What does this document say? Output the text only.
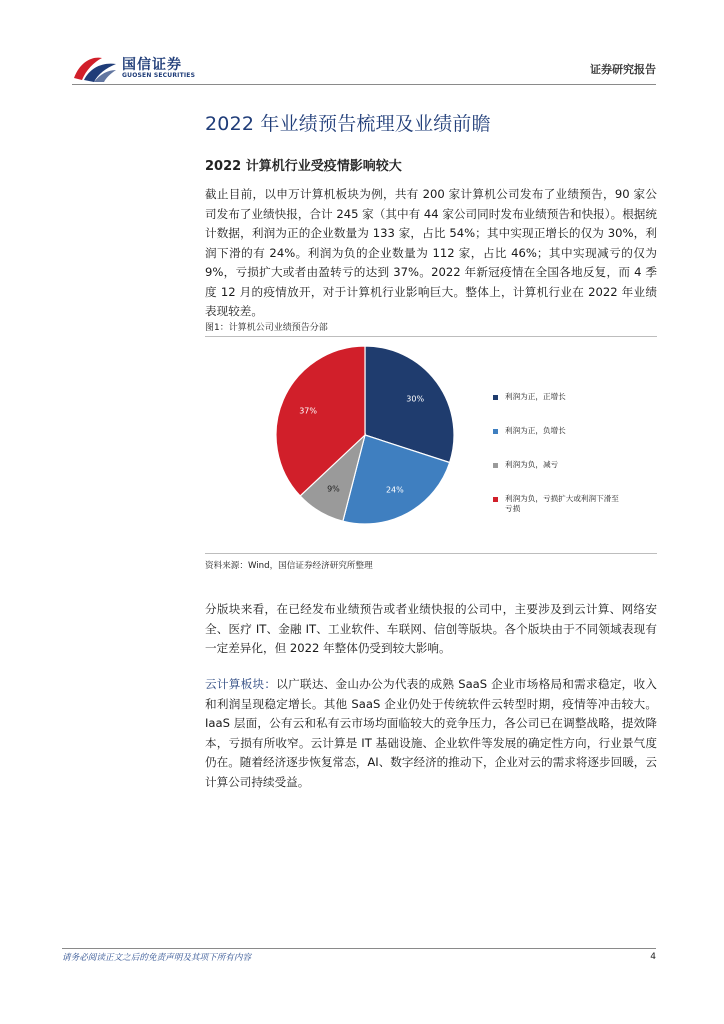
国信证券
GUOSEN SECURITIES	证券研究报告
2022 年业绩预告梳理及业绩前瞻
2022 计算机行业受疫情影响较大

截止目前，以申万计算机板块为例，共有 200 家计算机公司发布了业绩预告，90 家公司发布了业绩快报，合计 245 家（其中有 44 家公司同时发布业绩预告和快报）。根据统计数据，利润为正的企业数量为 133 家，占比 54%；其中实现正增长的仅为 30%，利润下滑的有 24%。利润为负的企业数量为 112 家，占比 46%；其中实现减亏的仅为 9%，亏损扩大或者由盈转亏的达到 37%。2022 年新冠疫情在全国各地反复，而 4 季度 12 月的疫情放开，对于计算机行业影响巨大。整体上，计算机行业在 2022 年业绩表现较差。

分版块来看，在已经发布业绩预告或者业绩快报的公司中，主要涉及到云计算、网络安全、医疗 IT、金融 IT、工业软件、车联网、信创等版块。各个版块由于不同领域表现有一定差异化，但 2022 年整体仍受到较大影响。

云计算板块：以广联达、金山办公为代表的成熟 SaaS 企业市场格局和需求稳定，收入和利润呈现稳定增长。其他 SaaS 企业仍处于传统软件云转型时期，疫情等冲击较大。IaaS 层面，公有云和私有云市场均面临较大的竞争压力，各公司已在调整战略，提效降本，亏损有所收窄。云计算是 IT 基础设施、企业软件等发展的确定性方向，行业景气度仍在。随着经济逐步恢复常态，AI、数字经济的推动下，企业对云的需求将逐步回暖，云计算公司持续受益。

图1：计算机公司业绩预告分部
30%
24%
9%
37%
利润为正，正增长
利润为正，负增长
利润为负，减亏
利润为负，亏损扩大或利润下滑至亏损
资料来源：Wind，国信证券经济研究所整理
请务必阅读正文之后的免责声明及其项下所有内容	4
